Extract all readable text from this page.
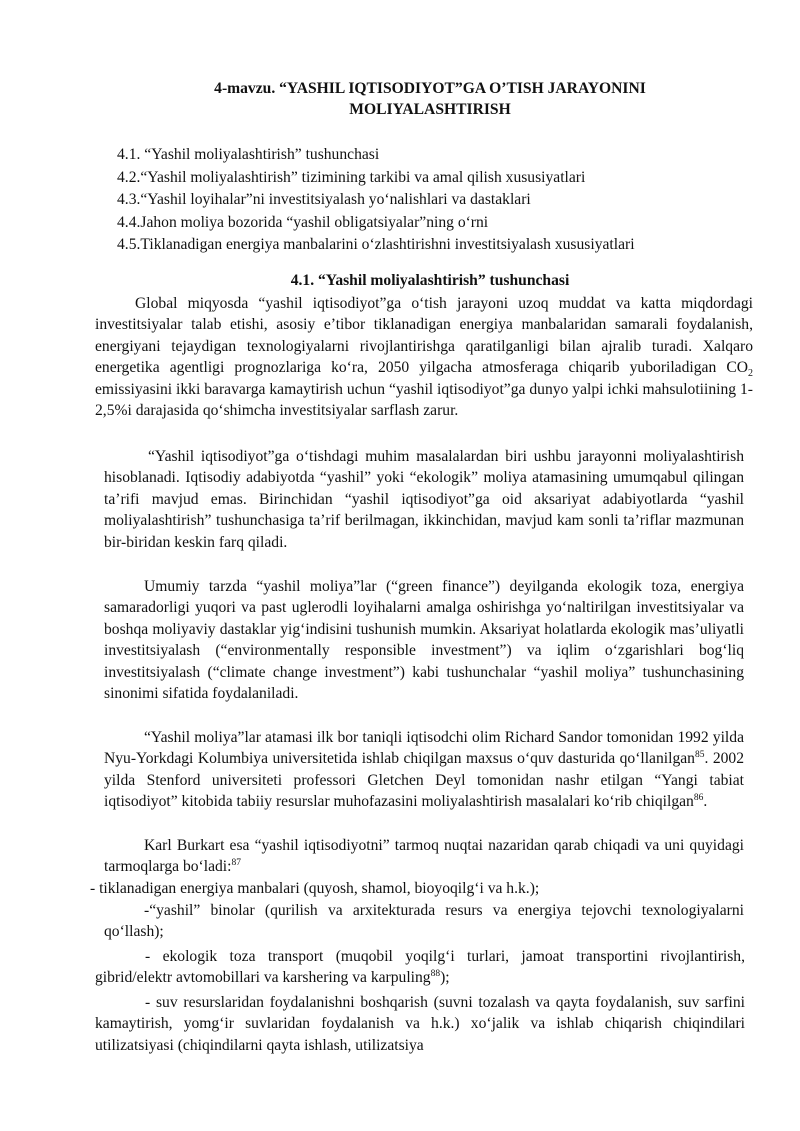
4-mavzu. “YASHIL IQTISODIYOT”GA O’TISH JARAYONINI
MOLIYALASHTIRISH
4.1. “Yashil moliyalashtirish” tushunchasi
4.2.“Yashil moliyalashtirish” tizimining tarkibi va amal qilish xususiyatlari
4.3.“Yashil loyihalar”ni investitsiyalash yo‘nalishlari va dastaklari
4.4.Jahon moliya bozorida “yashil obligatsiyalar”ning o‘rni
4.5.Tiklanadigan energiya manbalarini o‘zlashtirishni investitsiyalash xususiyatlari
4.1. “Yashil moliyalashtirish” tushunchasi

Global miqyosda “yashil iqtisodiyot”ga o‘tish jarayoni uzoq muddat va katta miqdordagi investitsiyalar talab etishi, asosiy e’tibor tiklanadigan energiya manbalaridan samarali foydalanish, energiyani tejaydigan texnologiyalarni rivojlantirishga qaratilganligi bilan ajralib turadi. Xalqaro energetika agentligi prognozlariga ko‘ra, 2050 yilgacha atmosferaga chiqarib yuboriladigan $CO_2$ emissiyasini ikki baravarga kamaytirish uchun “yashil iqtisodiyot”ga dunyo yalpi ichki mahsulotiining 1-2,5%i darajasida qo‘shimcha investitsiyalar sarflash zarur.

“Yashil iqtisodiyot”ga o‘tishdagi muhim masalalardan biri ushbu jarayonni moliyalashtirish hisoblanadi. Iqtisodiy adabiyotda “yashil” yoki “ekologik” moliya atamasining umumqabul qilingan ta’rifi mavjud emas. Birinchidan “yashil iqtisodiyot”ga oid aksariyat adabiyotlarda “yashil moliyalashtirish” tushunchasiga ta’rif berilmagan, ikkinchidan, mavjud kam sonli ta’riflar mazmunan bir-biridan keskin farq qiladi.

Umumiy tarzda “yashil moliya”lar (“green finance”) deyilganda ekologik toza, energiya samaradorligi yuqori va past uglerodli loyihalarni amalga oshirishga yo‘naltirilgan investitsiyalar va boshqa moliyaviy dastaklar yig‘indisini tushunish mumkin. Aksariyat holatlarda ekologik mas’uliyatli investitsiyalash (“environmentally responsible investment”) va iqlim o‘zgarishlari bog‘liq investitsiyalash (“climate change investment”) kabi tushunchalar “yashil moliya” tushunchasining sinonimi sifatida foydalaniladi.

“Yashil moliya”lar atamasi ilk bor taniqli iqtisodchi olim Richard Sandor tomonidan 1992 yilda Nyu-Yorkdagi Kolumbiya universitetida ishlab chiqilgan maxsus o‘quv dasturida qo‘llanilgan$^{85}$. 2002 yilda Stenford universiteti professori Gletchen Deyl tomonidan nashr etilgan “Yangi tabiat iqtisodiyot” kitobida tabiiy resurslar muhofazasini moliyalashtirish masalalari ko‘rib chiqilgan$^{86}$.

Karl Burkart esa “yashil iqtisodiyotni” tarmoq nuqtai nazaridan qarab chiqadi va uni quyidagi tarmoqlarga bo‘ladi:$^{87}$

- tiklanadigan energiya manbalari (quyosh, shamol, bioyoqilg‘i va h.k.);

-“yashil” binolar (qurilish va arxitekturada resurs va energiya tejovchi texnologiyalarni qo‘llash);

- ekologik toza transport (muqobil yoqilg‘i turlari, jamoat transportini rivojlantirish, gibrid/elektr avtomobillari va karshering va karpuling$^{88}$);

- suv resurslaridan foydalanishni boshqarish (suvni tozalash va qayta foydalanish, suv sarfini kamaytirish, yomg‘ir suvlaridan foydalanish va h.k.) xo‘jalik va ishlab chiqarish chiqindilari utilizatsiyasi (chiqindilarni qayta ishlash, utilizatsiya
